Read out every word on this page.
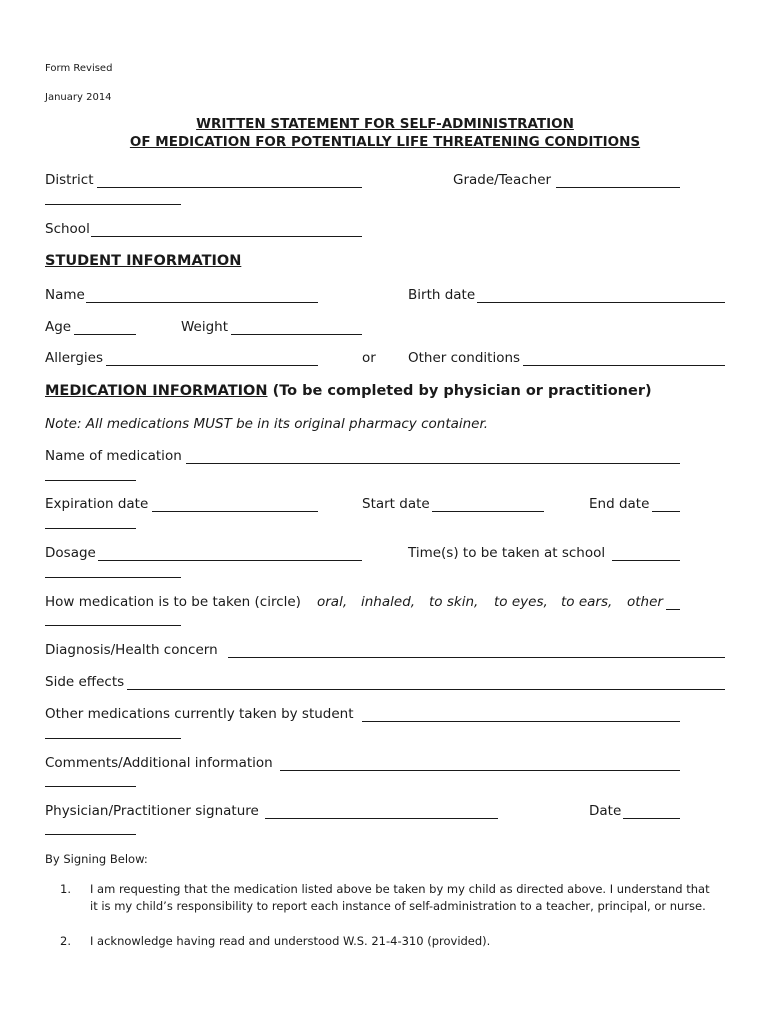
Form Revised
January 2014
WRITTEN STATEMENT FOR SELF-ADMINISTRATION
OF MEDICATION FOR POTENTIALLY LIFE THREATENING CONDITIONS
District	Grade/Teacher
School
STUDENT INFORMATION
Name	Birth date
Age	Weight
Allergies	or Other conditions
MEDICATION INFORMATION (To be completed by physician or practitioner)
Note: All medications MUST be in its original pharmacy container.
Name of medication
Expiration date	Start date	End date
Dosage	Time(s) to be taken at school
How medication is to be taken (circle) oral, inhaled, to skin, to eyes, to ears, other
Diagnosis/Health concern
Side effects
Other medications currently taken by student
Comments/Additional information
Physician/Practitioner signature	Date
By Signing Below:
1. I am requesting that the medication listed above be taken by my child as directed above. I understand that it is my child’s responsibility to report each instance of self-administration to a teacher, principal, or nurse.
2. I acknowledge having read and understood W.S. 21-4-310 (provided).
